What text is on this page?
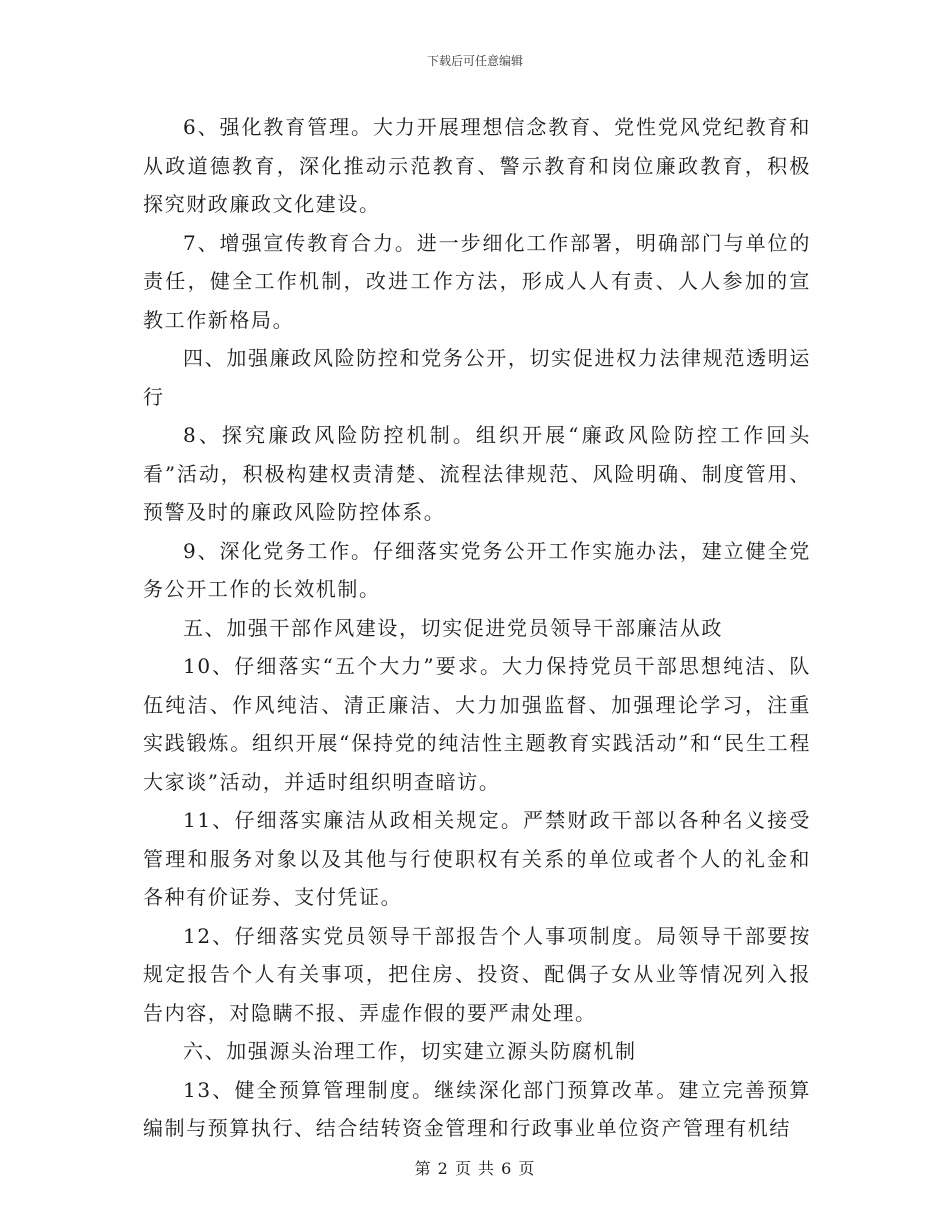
下载后可任意编辑

6、强化教育管理。大力开展理想信念教育、党性党风党纪教育和从政道德教育，深化推动示范教育、警示教育和岗位廉政教育，积极探究财政廉政文化建设。

7、增强宣传教育合力。进一步细化工作部署，明确部门与单位的责任，健全工作机制，改进工作方法，形成人人有责、人人参加的宣教工作新格局。

四、加强廉政风险防控和党务公开，切实促进权力法律规范透明运行

8、探究廉政风险防控机制。组织开展“廉政风险防控工作回头看”活动，积极构建权责清楚、流程法律规范、风险明确、制度管用、预警及时的廉政风险防控体系。

9、深化党务工作。仔细落实党务公开工作实施办法，建立健全党务公开工作的长效机制。

五、加强干部作风建设，切实促进党员领导干部廉洁从政

10、仔细落实“五个大力”要求。大力保持党员干部思想纯洁、队伍纯洁、作风纯洁、清正廉洁、大力加强监督、加强理论学习，注重实践锻炼。组织开展“保持党的纯洁性主题教育实践活动”和“民生工程大家谈”活动，并适时组织明查暗访。

11、仔细落实廉洁从政相关规定。严禁财政干部以各种名义接受管理和服务对象以及其他与行使职权有关系的单位或者个人的礼金和各种有价证券、支付凭证。

12、仔细落实党员领导干部报告个人事项制度。局领导干部要按规定报告个人有关事项，把住房、投资、配偶子女从业等情况列入报告内容，对隐瞒不报、弄虚作假的要严肃处理。

六、加强源头治理工作，切实建立源头防腐机制

13、健全预算管理制度。继续深化部门预算改革。建立完善预算编制与预算执行、结合结转资金管理和行政事业单位资产管理有机结

第 2 页 共 6 页
